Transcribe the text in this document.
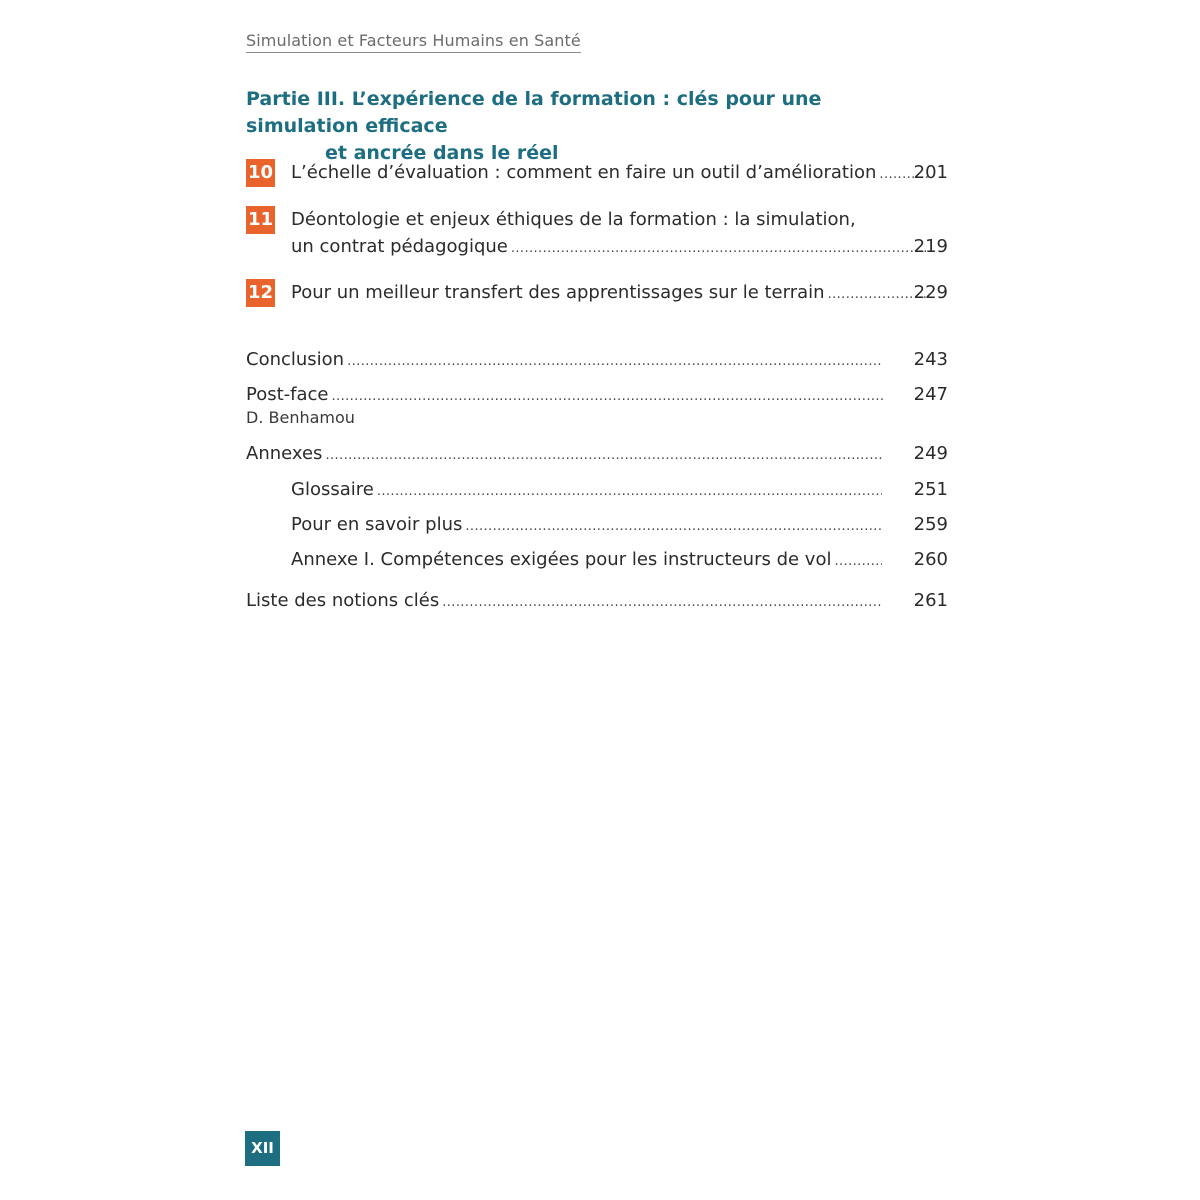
Simulation et Facteurs Humains en Santé
Partie III. L’expérience de la formation : clés pour une simulation efficace
et ancrée dans le réel
10 L’échelle d’évaluation : comment en faire un outil d’amélioration .....	201
11 Déontologie et enjeux éthiques de la formation : la simulation,
un contrat pédagogique .....	219
12 Pour un meilleur transfert des apprentissages sur le terrain .....	229
Conclusion .....	243
Post-face .....	247
D. Benhamou
Annexes .....	249
Glossaire .....	251
Pour en savoir plus .....	259
Annexe I. Compétences exigées pour les instructeurs de vol .....	260
Liste des notions clés .....	261
XII
